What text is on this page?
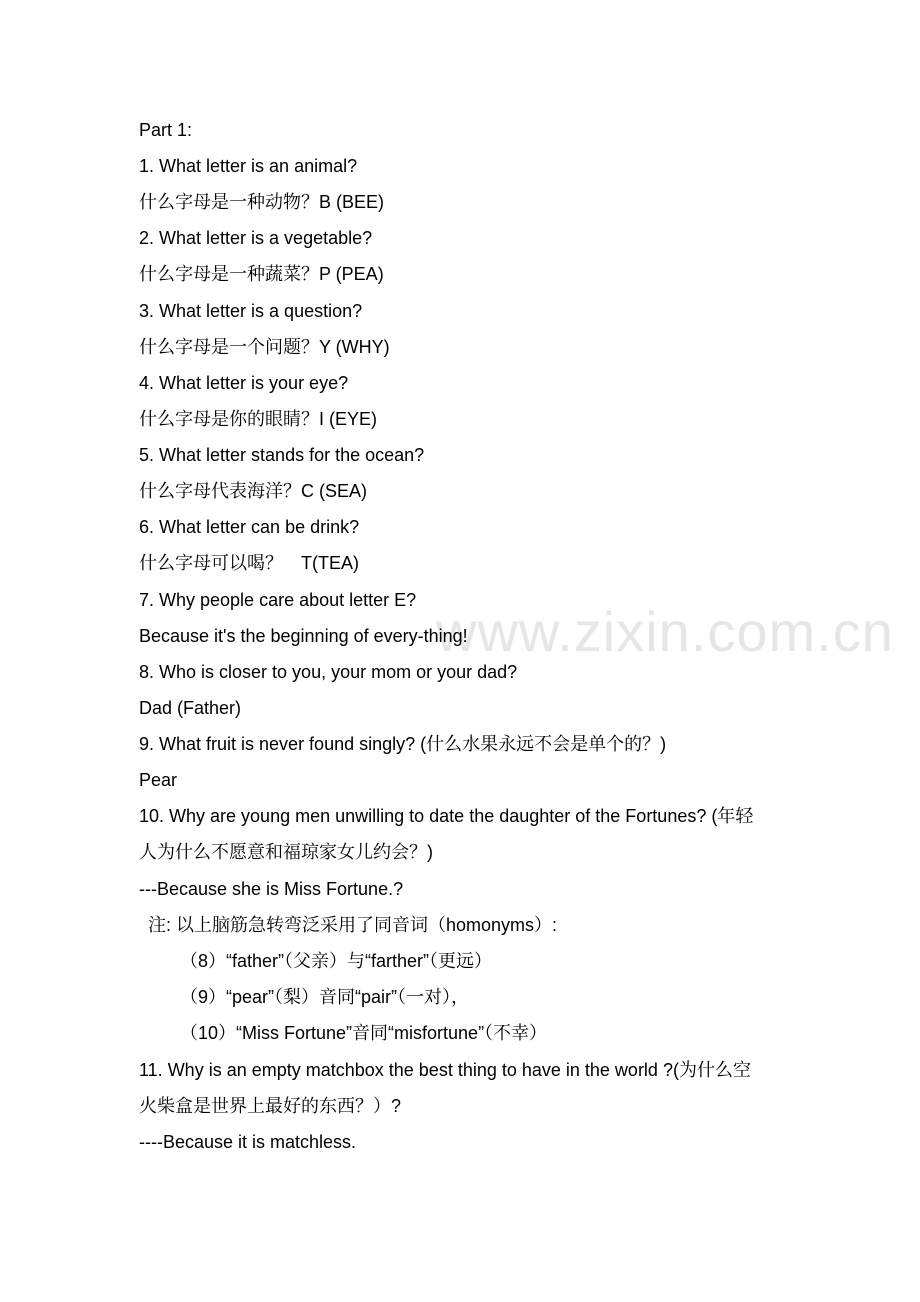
www.zixin.com.cn
Part 1:
1. What letter is an animal?
什么字母是一种动物？B (BEE)
2. What letter is a vegetable?
什么字母是一种蔬菜？P (PEA)
3. What letter is a question?
什么字母是一个问题？Y (WHY)
4. What letter is your eye?
什么字母是你的眼睛？I (EYE)
5. What letter stands for the ocean?
什么字母代表海洋？C (SEA)
6. What letter can be drink?
什么字母可以喝？　T(TEA)
7. Why people care about letter E?
Because it's the beginning of every-thing!
8. Who is closer to you, your mom or your dad?
Dad (Father)
9. What fruit is never found singly? (什么水果永远不会是单个的？)
Pear
10. Why are young men unwilling to date the daughter of the Fortunes? (年轻
人为什么不愿意和福琼家女儿约会？)
---Because she is Miss Fortune.?
注: 以上脑筋急转弯泛采用了同音词（homonyms）:
（8）“father”（父亲）与“farther”（更远）
（9）“pear”（梨）音同“pair”（一对），
（10）“Miss Fortune”音同“misfortune”（不幸）
11. Why is an empty matchbox the best thing to have in the world ?(为什么空
火柴盒是世界上最好的东西？）?
----Because it is matchless.
